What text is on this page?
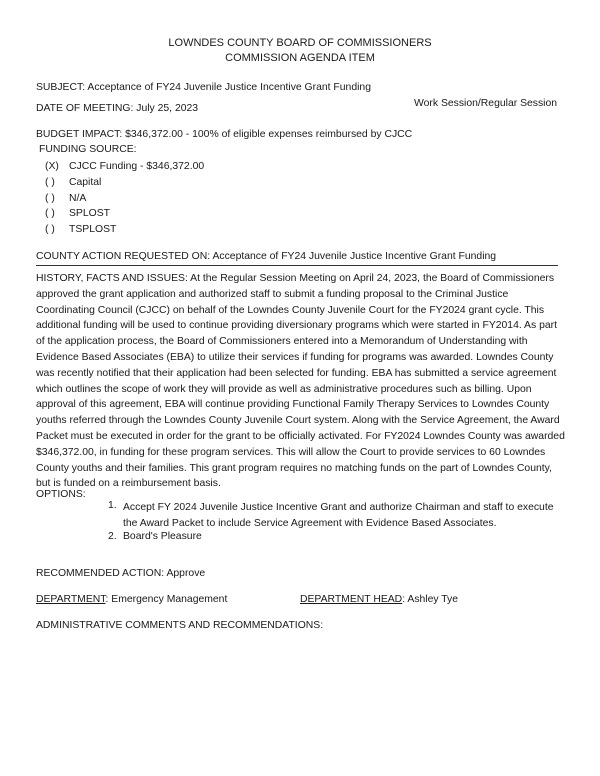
LOWNDES COUNTY BOARD OF COMMISSIONERS
COMMISSION AGENDA ITEM
SUBJECT: Acceptance of FY24 Juvenile Justice Incentive Grant Funding
DATE OF MEETING: July 25, 2023	Work Session/Regular Session
BUDGET IMPACT: $346,372.00 - 100% of eligible expenses reimbursed by CJCC
FUNDING SOURCE:
(X) CJCC Funding - $346,372.00
( ) Capital
( ) N/A
( ) SPLOST
( ) TSPLOST
COUNTY ACTION REQUESTED ON: Acceptance of FY24 Juvenile Justice Incentive Grant Funding
HISTORY, FACTS AND ISSUES: At the Regular Session Meeting on April 24, 2023, the Board of Commissioners approved the grant application and authorized staff to submit a funding proposal to the Criminal Justice Coordinating Council (CJCC) on behalf of the Lowndes County Juvenile Court for the FY2024 grant cycle. This additional funding will be used to continue providing diversionary programs which were started in FY2014. As part of the application process, the Board of Commissioners entered into a Memorandum of Understanding with Evidence Based Associates (EBA) to utilize their services if funding for programs was awarded. Lowndes County was recently notified that their application had been selected for funding. EBA has submitted a service agreement which outlines the scope of work they will provide as well as administrative procedures such as billing. Upon approval of this agreement, EBA will continue providing Functional Family Therapy Services to Lowndes County youths referred through the Lowndes County Juvenile Court system. Along with the Service Agreement, the Award Packet must be executed in order for the grant to be officially activated. For FY2024 Lowndes County was awarded $346,372.00, in funding for these program services. This will allow the Court to provide services to 60 Lowndes County youths and their families. This grant program requires no matching funds on the part of Lowndes County, but is funded on a reimbursement basis.
OPTIONS:
1. Accept FY 2024 Juvenile Justice Incentive Grant and authorize Chairman and staff to execute the Award Packet to include Service Agreement with Evidence Based Associates.
2. Board's Pleasure
RECOMMENDED ACTION: Approve
DEPARTMENT: Emergency Management	DEPARTMENT HEAD: Ashley Tye
ADMINISTRATIVE COMMENTS AND RECOMMENDATIONS:
